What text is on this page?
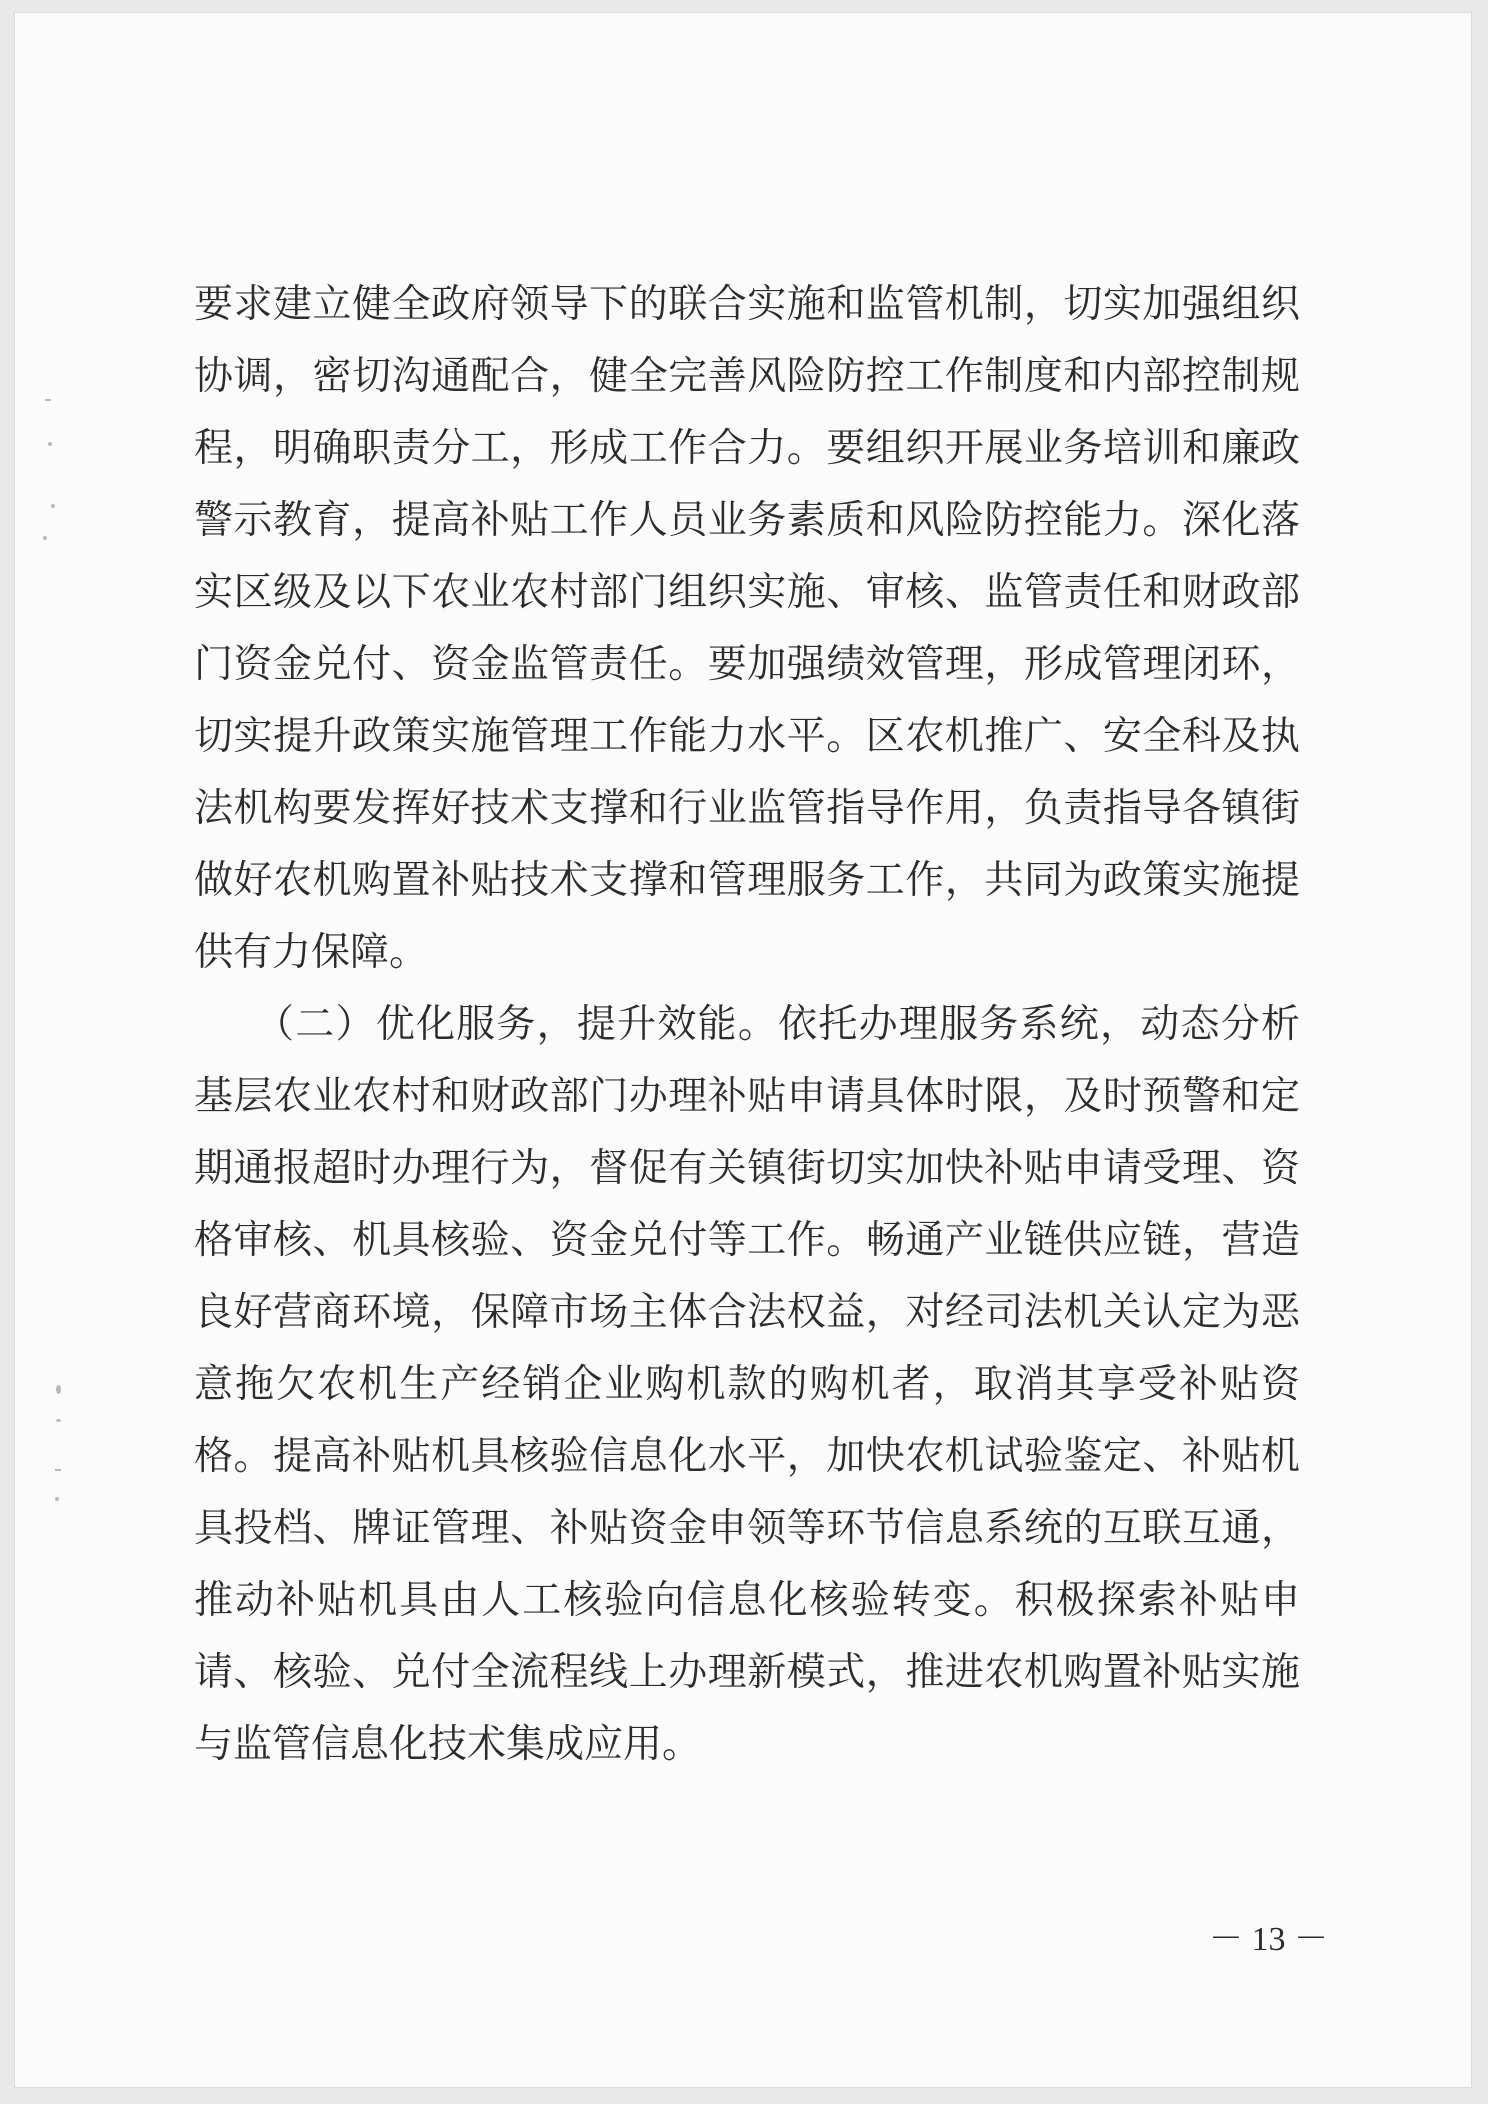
要求建立健全政府领导下的联合实施和监管机制，切实加强组织
协调，密切沟通配合，健全完善风险防控工作制度和内部控制规
程，明确职责分工，形成工作合力。要组织开展业务培训和廉政
警示教育，提高补贴工作人员业务素质和风险防控能力。深化落
实区级及以下农业农村部门组织实施、审核、监管责任和财政部
门资金兑付、资金监管责任。要加强绩效管理，形成管理闭环，
切实提升政策实施管理工作能力水平。区农机推广、安全科及执
法机构要发挥好技术支撑和行业监管指导作用，负责指导各镇街
做好农机购置补贴技术支撑和管理服务工作，共同为政策实施提
供有力保障。
　　（二）优化服务，提升效能。依托办理服务系统，动态分析
基层农业农村和财政部门办理补贴申请具体时限，及时预警和定
期通报超时办理行为，督促有关镇街切实加快补贴申请受理、资
格审核、机具核验、资金兑付等工作。畅通产业链供应链，营造
良好营商环境，保障市场主体合法权益，对经司法机关认定为恶
意拖欠农机生产经销企业购机款的购机者，取消其享受补贴资
格。提高补贴机具核验信息化水平，加快农机试验鉴定、补贴机
具投档、牌证管理、补贴资金申领等环节信息系统的互联互通，
推动补贴机具由人工核验向信息化核验转变。积极探索补贴申
请、核验、兑付全流程线上办理新模式，推进农机购置补贴实施
与监管信息化技术集成应用。
－ 13 －
